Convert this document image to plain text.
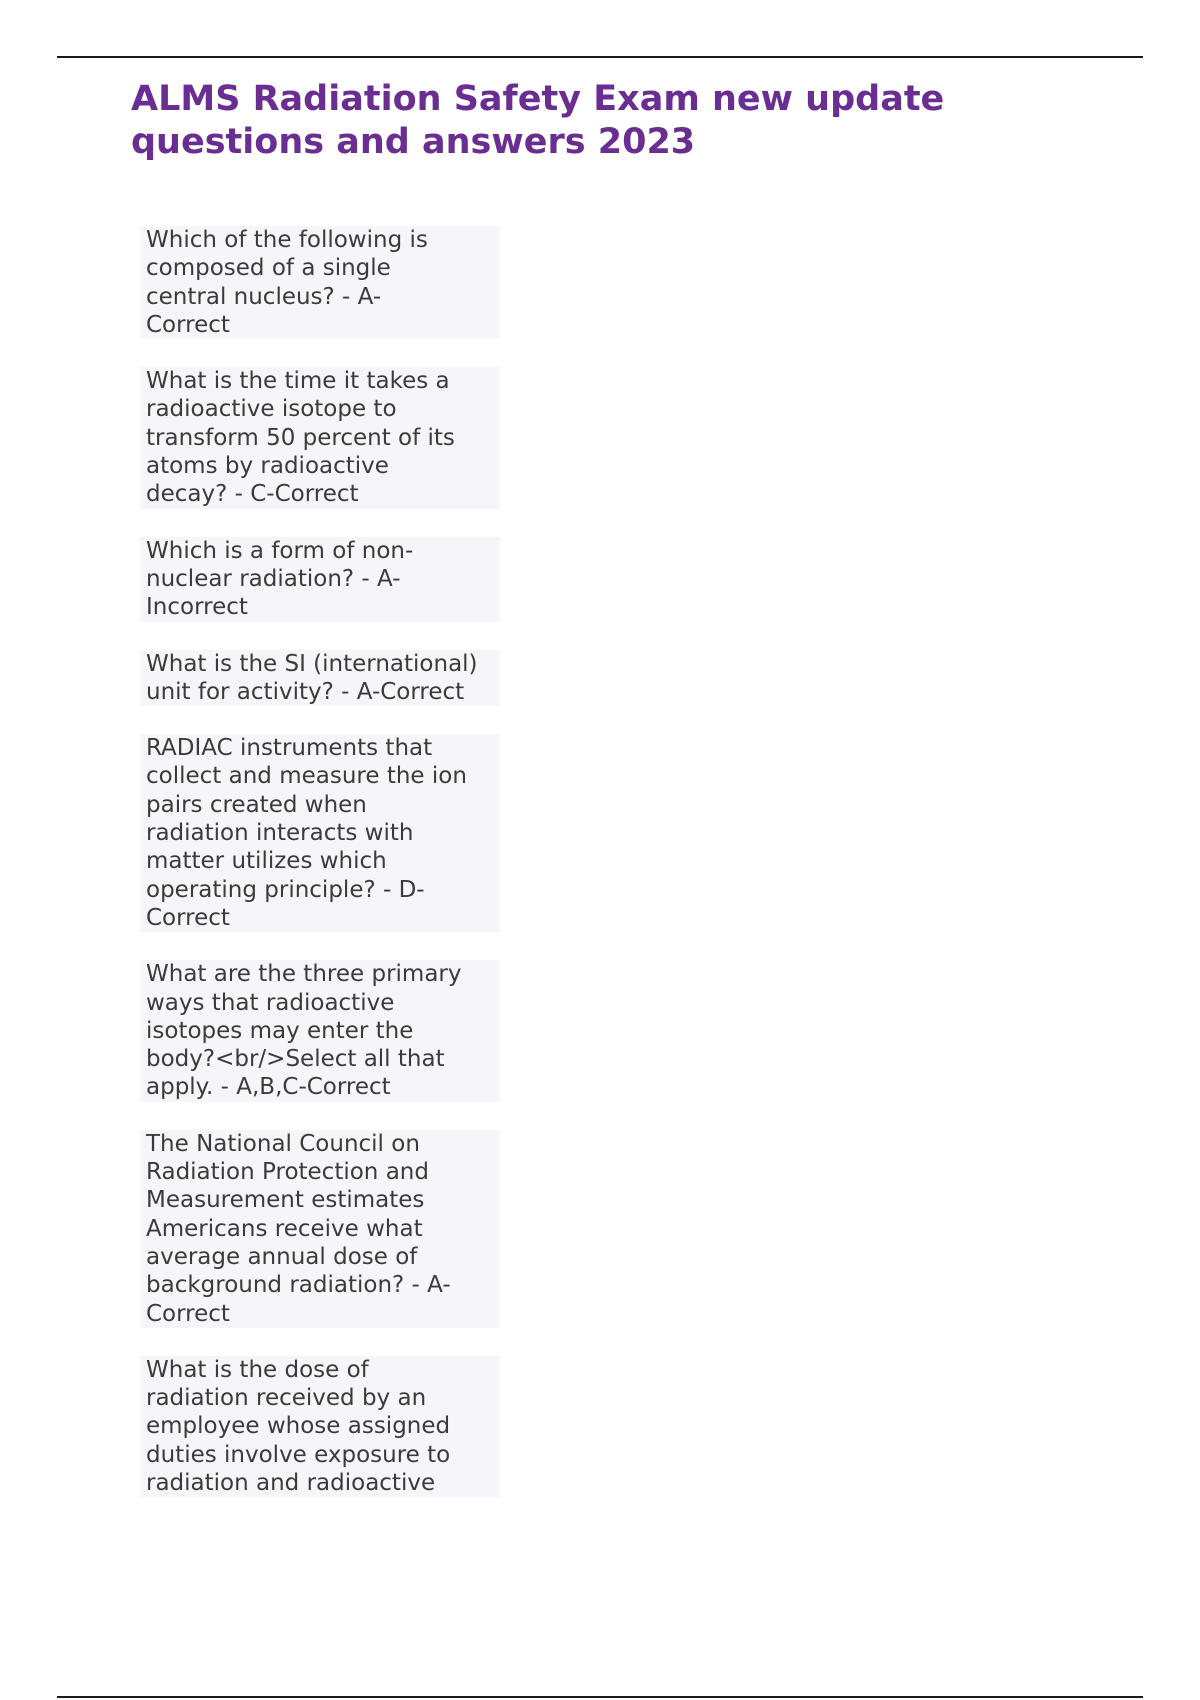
ALMS Radiation Safety Exam new update
questions and answers 2023
Which of the following is
composed of a single
central nucleus? - A-
Correct
What is the time it takes a
radioactive isotope to
transform 50 percent of its
atoms by radioactive
decay? - C-Correct
Which is a form of non-
nuclear radiation? - A-
Incorrect
What is the SI (international)
unit for activity? - A-Correct
RADIAC instruments that
collect and measure the ion
pairs created when
radiation interacts with
matter utilizes which
operating principle? - D-
Correct
What are the three primary
ways that radioactive
isotopes may enter the
body?<br/>Select all that
apply. - A,B,C-Correct
The National Council on
Radiation Protection and
Measurement estimates
Americans receive what
average annual dose of
background radiation? - A-
Correct
What is the dose of
radiation received by an
employee whose assigned
duties involve exposure to
radiation and radioactive
